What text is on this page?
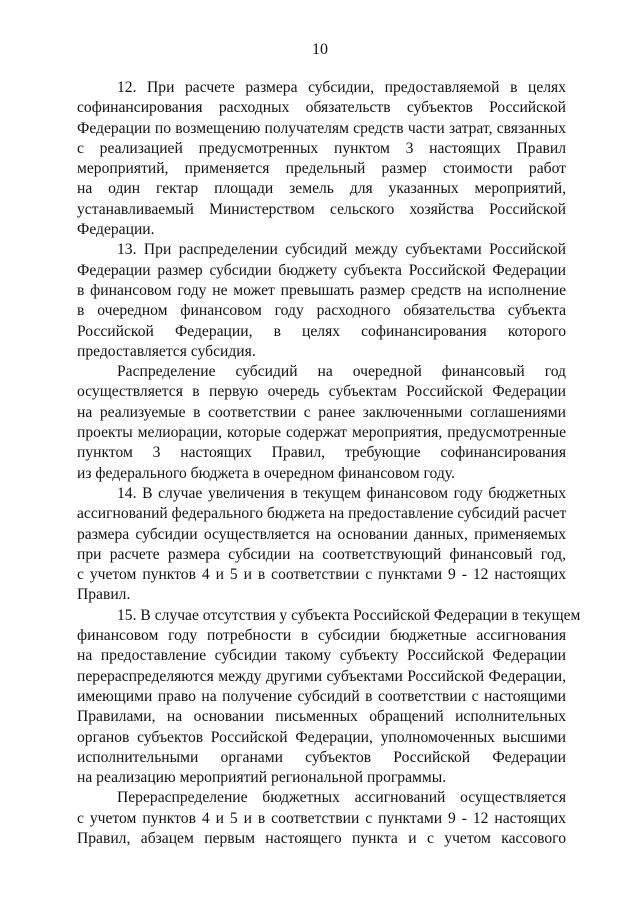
10

12. При расчете размера субсидии, предоставляемой в целях
софинансирования расходных обязательств субъектов Российской
Федерации по возмещению получателям средств части затрат, связанных
с реализацией предусмотренных пунктом 3 настоящих Правил
мероприятий, применяется предельный размер стоимости работ
на один гектар площади земель для указанных мероприятий,
устанавливаемый Министерством сельского хозяйства Российской
Федерации.

13. При распределении субсидий между субъектами Российской
Федерации размер субсидии бюджету субъекта Российской Федерации
в финансовом году не может превышать размер средств на исполнение
в очередном финансовом году расходного обязательства субъекта
Российской Федерации, в целях софинансирования которого
предоставляется субсидия.

Распределение субсидий на очередной финансовый год
осуществляется в первую очередь субъектам Российской Федерации
на реализуемые в соответствии с ранее заключенными соглашениями
проекты мелиорации, которые содержат мероприятия, предусмотренные
пунктом 3 настоящих Правил, требующие софинансирования
из федерального бюджета в очередном финансовом году.

14. В случае увеличения в текущем финансовом году бюджетных
ассигнований федерального бюджета на предоставление субсидий расчет
размера субсидии осуществляется на основании данных, применяемых
при расчете размера субсидии на соответствующий финансовый год,
с учетом пунктов 4 и 5 и в соответствии с пунктами 9 - 12 настоящих
Правил.

15. В случае отсутствия у субъекта Российской Федерации в текущем
финансовом году потребности в субсидии бюджетные ассигнования
на предоставление субсидии такому субъекту Российской Федерации
перераспределяются между другими субъектами Российской Федерации,
имеющими право на получение субсидий в соответствии с настоящими
Правилами, на основании письменных обращений исполнительных
органов субъектов Российской Федерации, уполномоченных высшими
исполнительными органами субъектов Российской Федерации
на реализацию мероприятий региональной программы.

Перераспределение бюджетных ассигнований осуществляется
с учетом пунктов 4 и 5 и в соответствии с пунктами 9 - 12 настоящих
Правил, абзацем первым настоящего пункта и с учетом кассового
